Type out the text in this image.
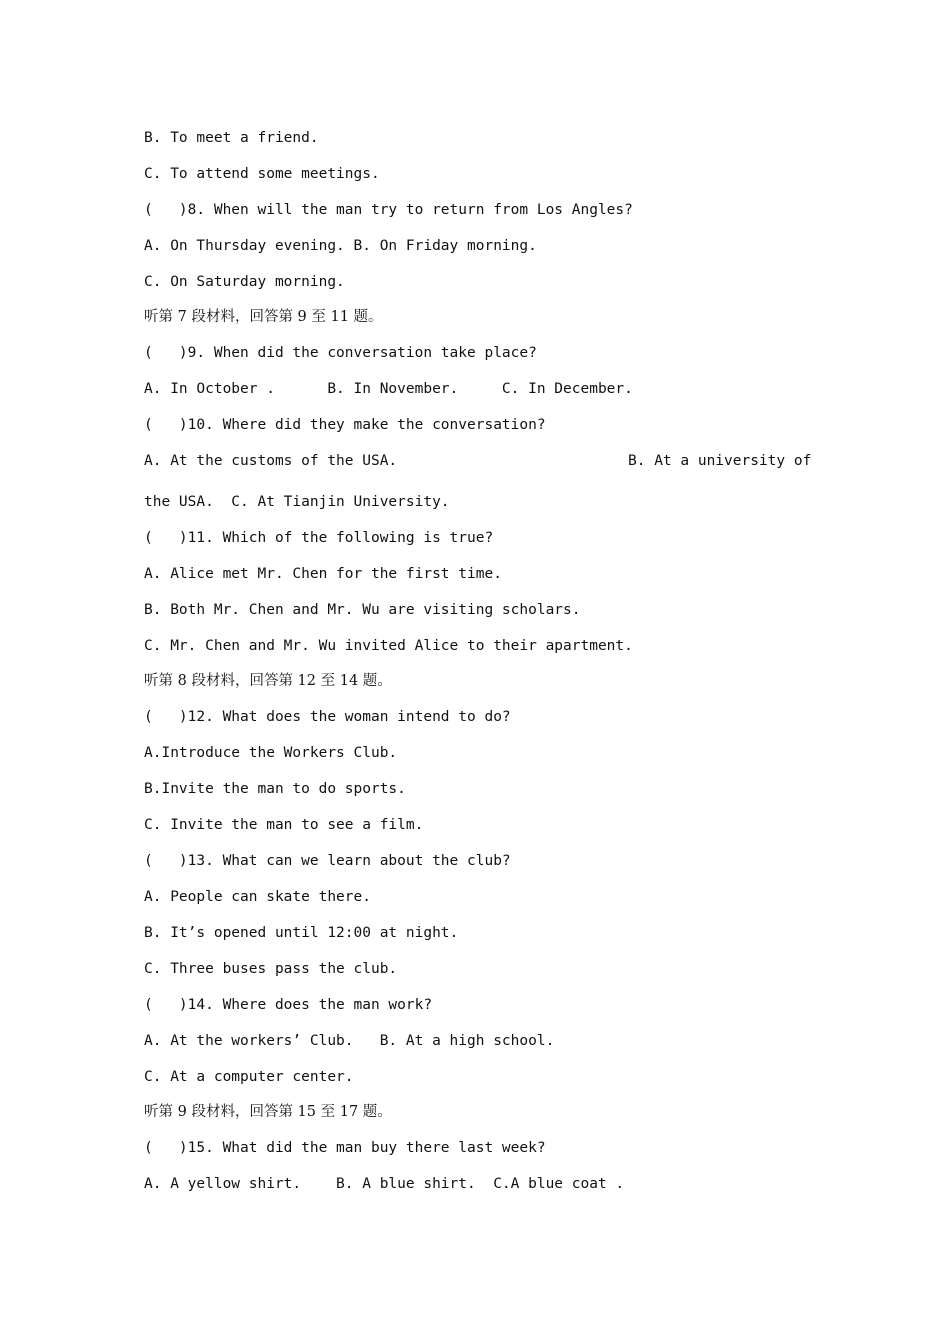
B. To meet a friend.
C. To attend some meetings.
(   )8. When will the man try to return from Los Angles?
A. On Thursday evening. B. On Friday morning.
C. On Saturday morning.
听第 7 段材料，回答第 9 至 11 题。
(   )9. When did the conversation take place?
A. In October .      B. In November.     C. In December.
(   )10. Where did they make the conversation?
A. At the customs of the USA.	B. At a university of
the USA.  C. At Tianjin University.
(   )11. Which of the following is true?
A. Alice met Mr. Chen for the first time.
B. Both Mr. Chen and Mr. Wu are visiting scholars.
C. Mr. Chen and Mr. Wu invited Alice to their apartment.
听第 8 段材料，回答第 12 至 14 题。
(   )12. What does the woman intend to do?
A.Introduce the Workers Club.
B.Invite the man to do sports.
C. Invite the man to see a film.
(   )13. What can we learn about the club?
A. People can skate there.
B. It’s opened until 12:00 at night.
C. Three buses pass the club.
(   )14. Where does the man work?
A. At the workers’ Club.   B. At a high school.
C. At a computer center.
听第 9 段材料，回答第 15 至 17 题。
(   )15. What did the man buy there last week?
A. A yellow shirt.    B. A blue shirt.  C.A blue coat .
